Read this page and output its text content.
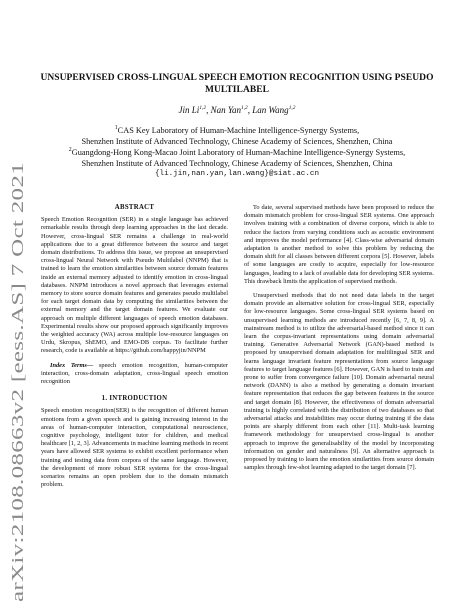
arXiv:2108.08663v2 [eess.AS] 7 Oct 2021
UNSUPERVISED CROSS-LINGUAL SPEECH EMOTION RECOGNITION USING PSEUDO MULTILABEL
Jin Li$^{1,2}$, Nan Yan$^{1,2}$, Lan Wang$^{1,2}$
$^1$CAS Key Laboratory of Human-Machine Intelligence-Synergy Systems,
Shenzhen Institute of Advanced Technology, Chinese Academy of Sciences, Shenzhen, China
$^2$Guangdong-Hong Kong-Macao Joint Laboratory of Human-Machine Intelligence-Synergy Systems,
Shenzhen Institute of Advanced Technology, Chinese Academy of Sciences, Shenzhen, China
{li.jin,nan.yan,lan.wang}@siat.ac.cn
ABSTRACT

Speech Emotion Recognition (SER) in a single language has achieved remarkable results through deep learning approaches in the last decade. However, cross-lingual SER remains a challenge in real-world applications due to a great difference between the source and target domain distributions. To address this issue, we propose an unsupervised cross-lingual Neural Network with Pseudo Multilabel (NNPM) that is trained to learn the emotion similarities between source domain features inside an external memory adjusted to identify emotion in cross-lingual databases. NNPM introduces a novel approach that leverages external memory to store source domain features and generates pseudo multilabel for each target domain data by computing the similarities between the external memory and the target domain features. We evaluate our approach on multiple different languages of speech emotion databases. Experimental results show our proposed approach significantly improves the weighted accuracy (WA) across multiple low-resource languages on Urdu, Skropus, ShEMO, and EMO-DB corpus. To facilitate further research, code is available at https://github.com/happyjin/NNPM

Index Terms— speech emotion recognition, human-computer interaction, cross-domain adaptation, cross-lingual speech emotion recognition

1. INTRODUCTION

Speech emotion recognition(SER) is the recognition of different human emotions from a given speech and is gaining increasing interest in the areas of human-computer interaction, computational neuroscience, cognitive psychology, intelligent tutor for children, and medical healthcare [1, 2, 3]. Advancements in machine learning methods in recent years have allowed SER systems to exhibit excellent performance when training and testing data from corpora of the same language. However, the development of more robust SER systems for the cross-lingual scenarios remains an open problem due to the domain mismatch problem.

To date, several supervised methods have been proposed to reduce the domain mismatch problem for cross-lingual SER systems. One approach involves training with a combination of diverse corpora, which is able to reduce the factors from varying conditions such as acoustic environment and improves the model performance [4]. Class-wise adversarial domain adaptation is another method to solve this problem by reducing the domain shift for all classes between different corpora [5]. However, labels of some languages are costly to acquire, especially for low-resource languages, leading to a lack of available data for developing SER systems. This drawback limits the application of supervised methods.

Unsupervised methods that do not need data labels in the target domain provide an alternative solution for cross-lingual SER, especially for low-resource languages. Some cross-lingual SER systems based on unsupervised learning methods are introduced recently [6, 7, 8, 9]. A mainstream method is to utilize the adversarial-based method since it can learn the corpus-invariant representations using domain adversarial training. Generative Adversarial Network (GAN)-based method is proposed by unsupervised domain adaptation for multilingual SER and learns language invariant feature representations from source language features to target language features [6]. However, GAN is hard to train and prone to suffer from convergence failure [10]. Domain adversarial neural network (DANN) is also a method by generating a domain invariant feature representation that reduces the gap between features in the source and target domain [8]. However, the effectiveness of domain adversarial training is highly correlated with the distribution of two databases so that adversarial attacks and instabilities may occur during training if the data points are sharply different from each other [11]. Multi-task learning framework methodology for unsupervised cross-lingual is another approach to improve the generalisability of the model by incorporating information on gender and naturalness [9]. An alternative approach is proposed by training to learn the emotion similarities from source domain samples through few-shot learning adapted to the target domain [7].
